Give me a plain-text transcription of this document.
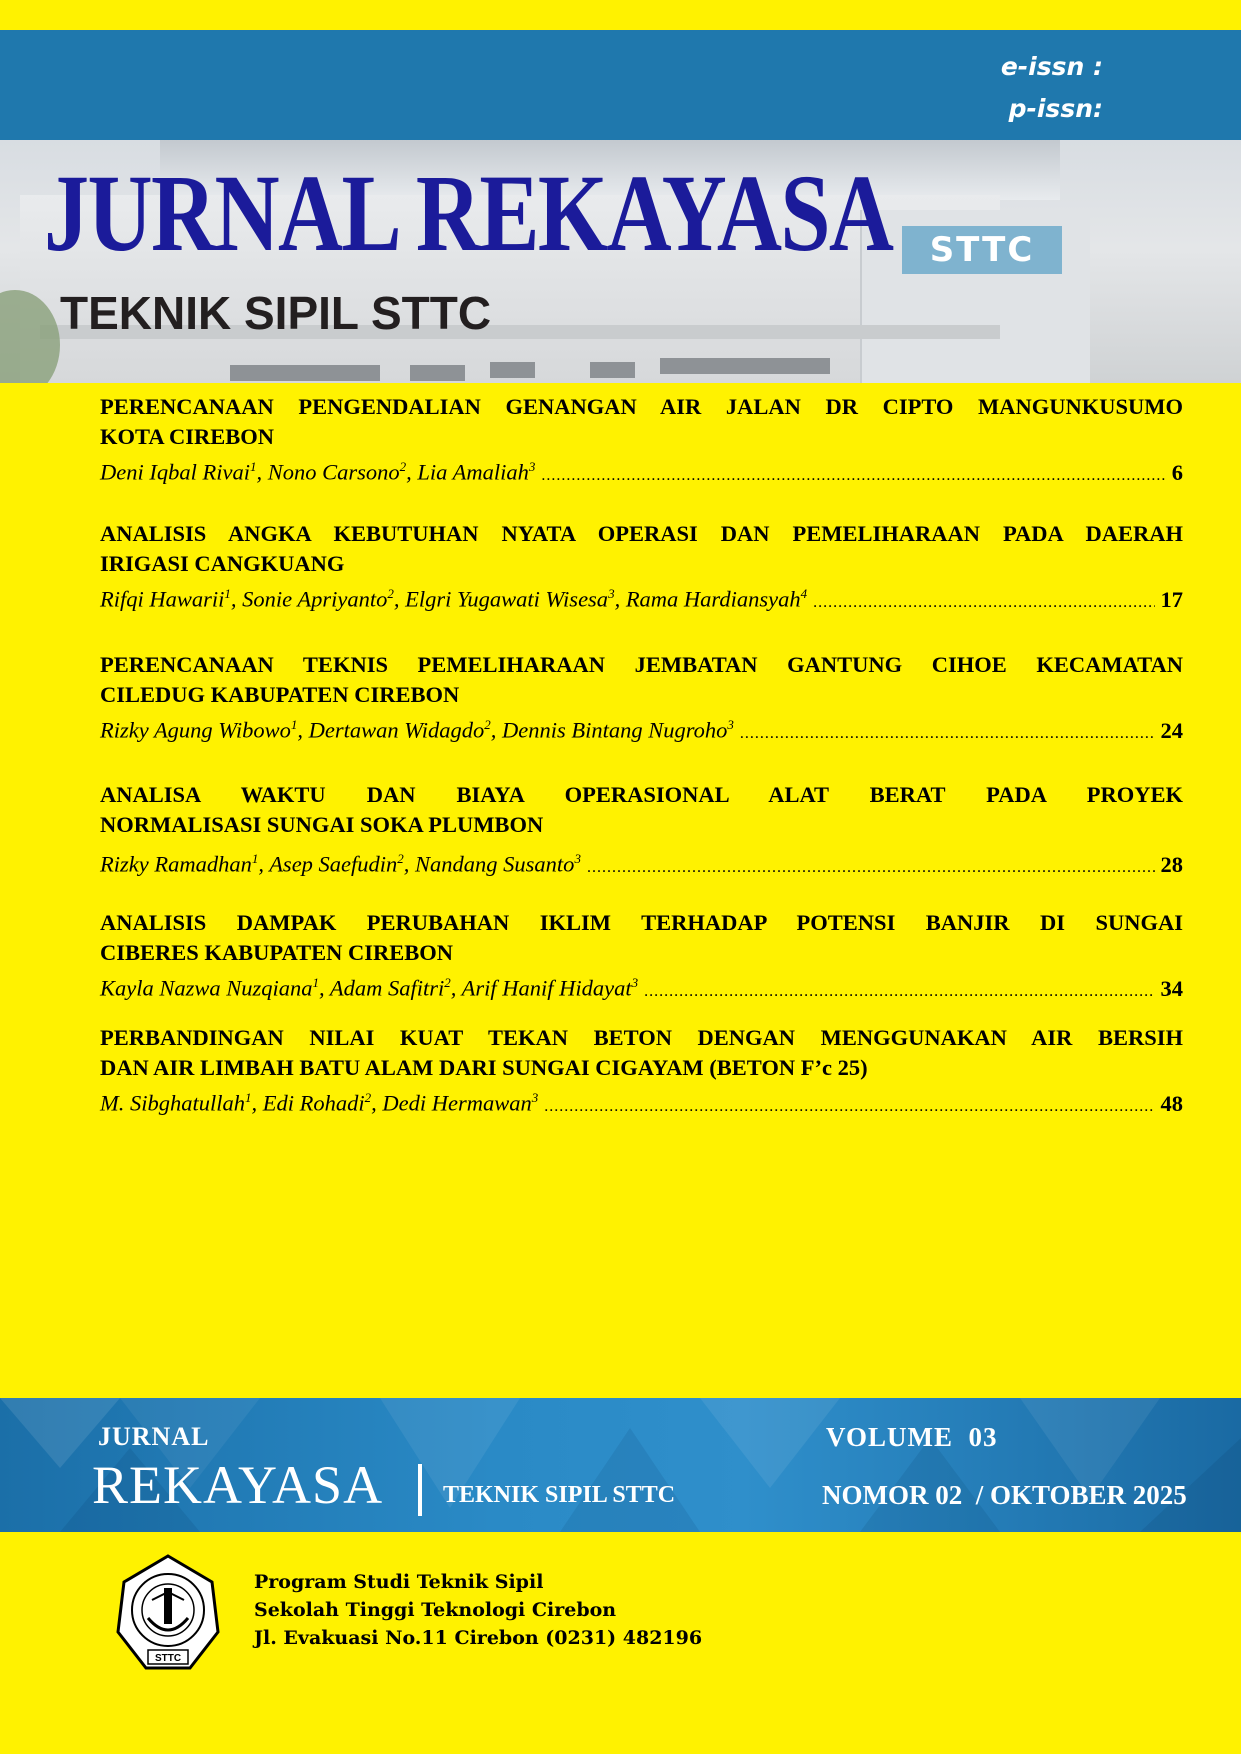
e-issn :
p-issn:
STTC
JURNAL REKAYASA
TEKNIK SIPIL STTC
PERENCANAAN PENGENDALIAN GENANGAN AIR JALAN DR CIPTO MANGUNKUSUMO
KOTA CIREBON
Deni Iqbal Rivai$^1$, Nono Carsono$^2$, Lia Amaliah$^3$ .....	6
ANALISIS ANGKA KEBUTUHAN NYATA OPERASI DAN PEMELIHARAAN PADA DAERAH
IRIGASI CANGKUANG
Rifqi Hawarii$^1$, Sonie Apriyanto$^2$, Elgri Yugawati Wisesa$^3$, Rama Hardiansyah$^4$ .....	17
PERENCANAAN TEKNIS PEMELIHARAAN JEMBATAN GANTUNG CIHOE KECAMATAN
CILEDUG KABUPATEN CIREBON
Rizky Agung Wibowo$^1$, Dertawan Widagdo$^2$, Dennis Bintang Nugroho$^3$ .....	24
ANALISA WAKTU DAN BIAYA OPERASIONAL ALAT BERAT PADA PROYEK
NORMALISASI SUNGAI SOKA PLUMBON
Rizky Ramadhan$^1$, Asep Saefudin$^2$, Nandang Susanto$^3$ .....	28
ANALISIS DAMPAK PERUBAHAN IKLIM TERHADAP POTENSI BANJIR DI SUNGAI
CIBERES KABUPATEN CIREBON
Kayla Nazwa Nuzqiana$^1$, Adam Safitri$^2$, Arif Hanif Hidayat$^3$ .....	34
PERBANDINGAN NILAI KUAT TEKAN BETON DENGAN MENGGUNAKAN AIR BERSIH
DAN AIR LIMBAH BATU ALAM DARI SUNGAI CIGAYAM (BETON F’c 25)
M. Sibghatullah$^1$, Edi Rohadi$^2$, Dedi Hermawan$^3$ .....	48
JURNAL
REKAYASA TEKNIK SIPIL STTC
VOLUME  03
NOMOR 02  / OKTOBER 2025
STTC
Program Studi Teknik Sipil
Sekolah Tinggi Teknologi Cirebon
Jl. Evakuasi No.11 Cirebon (0231) 482196
